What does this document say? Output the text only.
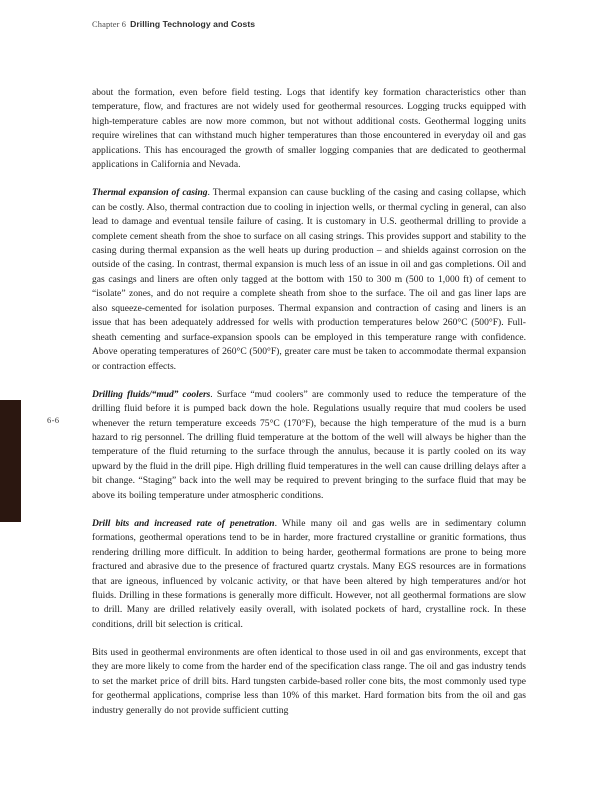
Chapter 6 Drilling Technology and Costs
6-6

about the formation, even before field testing. Logs that identify key formation characteristics other than temperature, flow, and fractures are not widely used for geothermal resources. Logging trucks equipped with high-temperature cables are now more common, but not without additional costs. Geothermal logging units require wirelines that can withstand much higher temperatures than those encountered in everyday oil and gas applications. This has encouraged the growth of smaller logging companies that are dedicated to geothermal applications in California and Nevada.

Thermal expansion of casing. Thermal expansion can cause buckling of the casing and casing collapse, which can be costly. Also, thermal contraction due to cooling in injection wells, or thermal cycling in general, can also lead to damage and eventual tensile failure of casing. It is customary in U.S. geothermal drilling to provide a complete cement sheath from the shoe to surface on all casing strings. This provides support and stability to the casing during thermal expansion as the well heats up during production – and shields against corrosion on the outside of the casing. In contrast, thermal expansion is much less of an issue in oil and gas completions. Oil and gas casings and liners are often only tagged at the bottom with 150 to 300 m (500 to 1,000 ft) of cement to “isolate” zones, and do not require a complete sheath from shoe to the surface. The oil and gas liner laps are also squeeze-cemented for isolation purposes. Thermal expansion and contraction of casing and liners is an issue that has been adequately addressed for wells with production temperatures below 260°C (500°F). Full-sheath cementing and surface-expansion spools can be employed in this temperature range with confidence. Above operating temperatures of 260°C (500°F), greater care must be taken to accommodate thermal expansion or contraction effects.

Drilling fluids/“mud” coolers. Surface “mud coolers” are commonly used to reduce the temperature of the drilling fluid before it is pumped back down the hole. Regulations usually require that mud coolers be used whenever the return temperature exceeds 75°C (170°F), because the high temperature of the mud is a burn hazard to rig personnel. The drilling fluid temperature at the bottom of the well will always be higher than the temperature of the fluid returning to the surface through the annulus, because it is partly cooled on its way upward by the fluid in the drill pipe. High drilling fluid temperatures in the well can cause drilling delays after a bit change. “Staging” back into the well may be required to prevent bringing to the surface fluid that may be above its boiling temperature under atmospheric conditions.

Drill bits and increased rate of penetration. While many oil and gas wells are in sedimentary column formations, geothermal operations tend to be in harder, more fractured crystalline or granitic formations, thus rendering drilling more difficult. In addition to being harder, geothermal formations are prone to being more fractured and abrasive due to the presence of fractured quartz crystals. Many EGS resources are in formations that are igneous, influenced by volcanic activity, or that have been altered by high temperatures and/or hot fluids. Drilling in these formations is generally more difficult. However, not all geothermal formations are slow to drill. Many are drilled relatively easily overall, with isolated pockets of hard, crystalline rock. In these conditions, drill bit selection is critical.

Bits used in geothermal environments are often identical to those used in oil and gas environments, except that they are more likely to come from the harder end of the specification class range. The oil and gas industry tends to set the market price of drill bits. Hard tungsten carbide-based roller cone bits, the most commonly used type for geothermal applications, comprise less than 10% of this market. Hard formation bits from the oil and gas industry generally do not provide sufficient cutting
